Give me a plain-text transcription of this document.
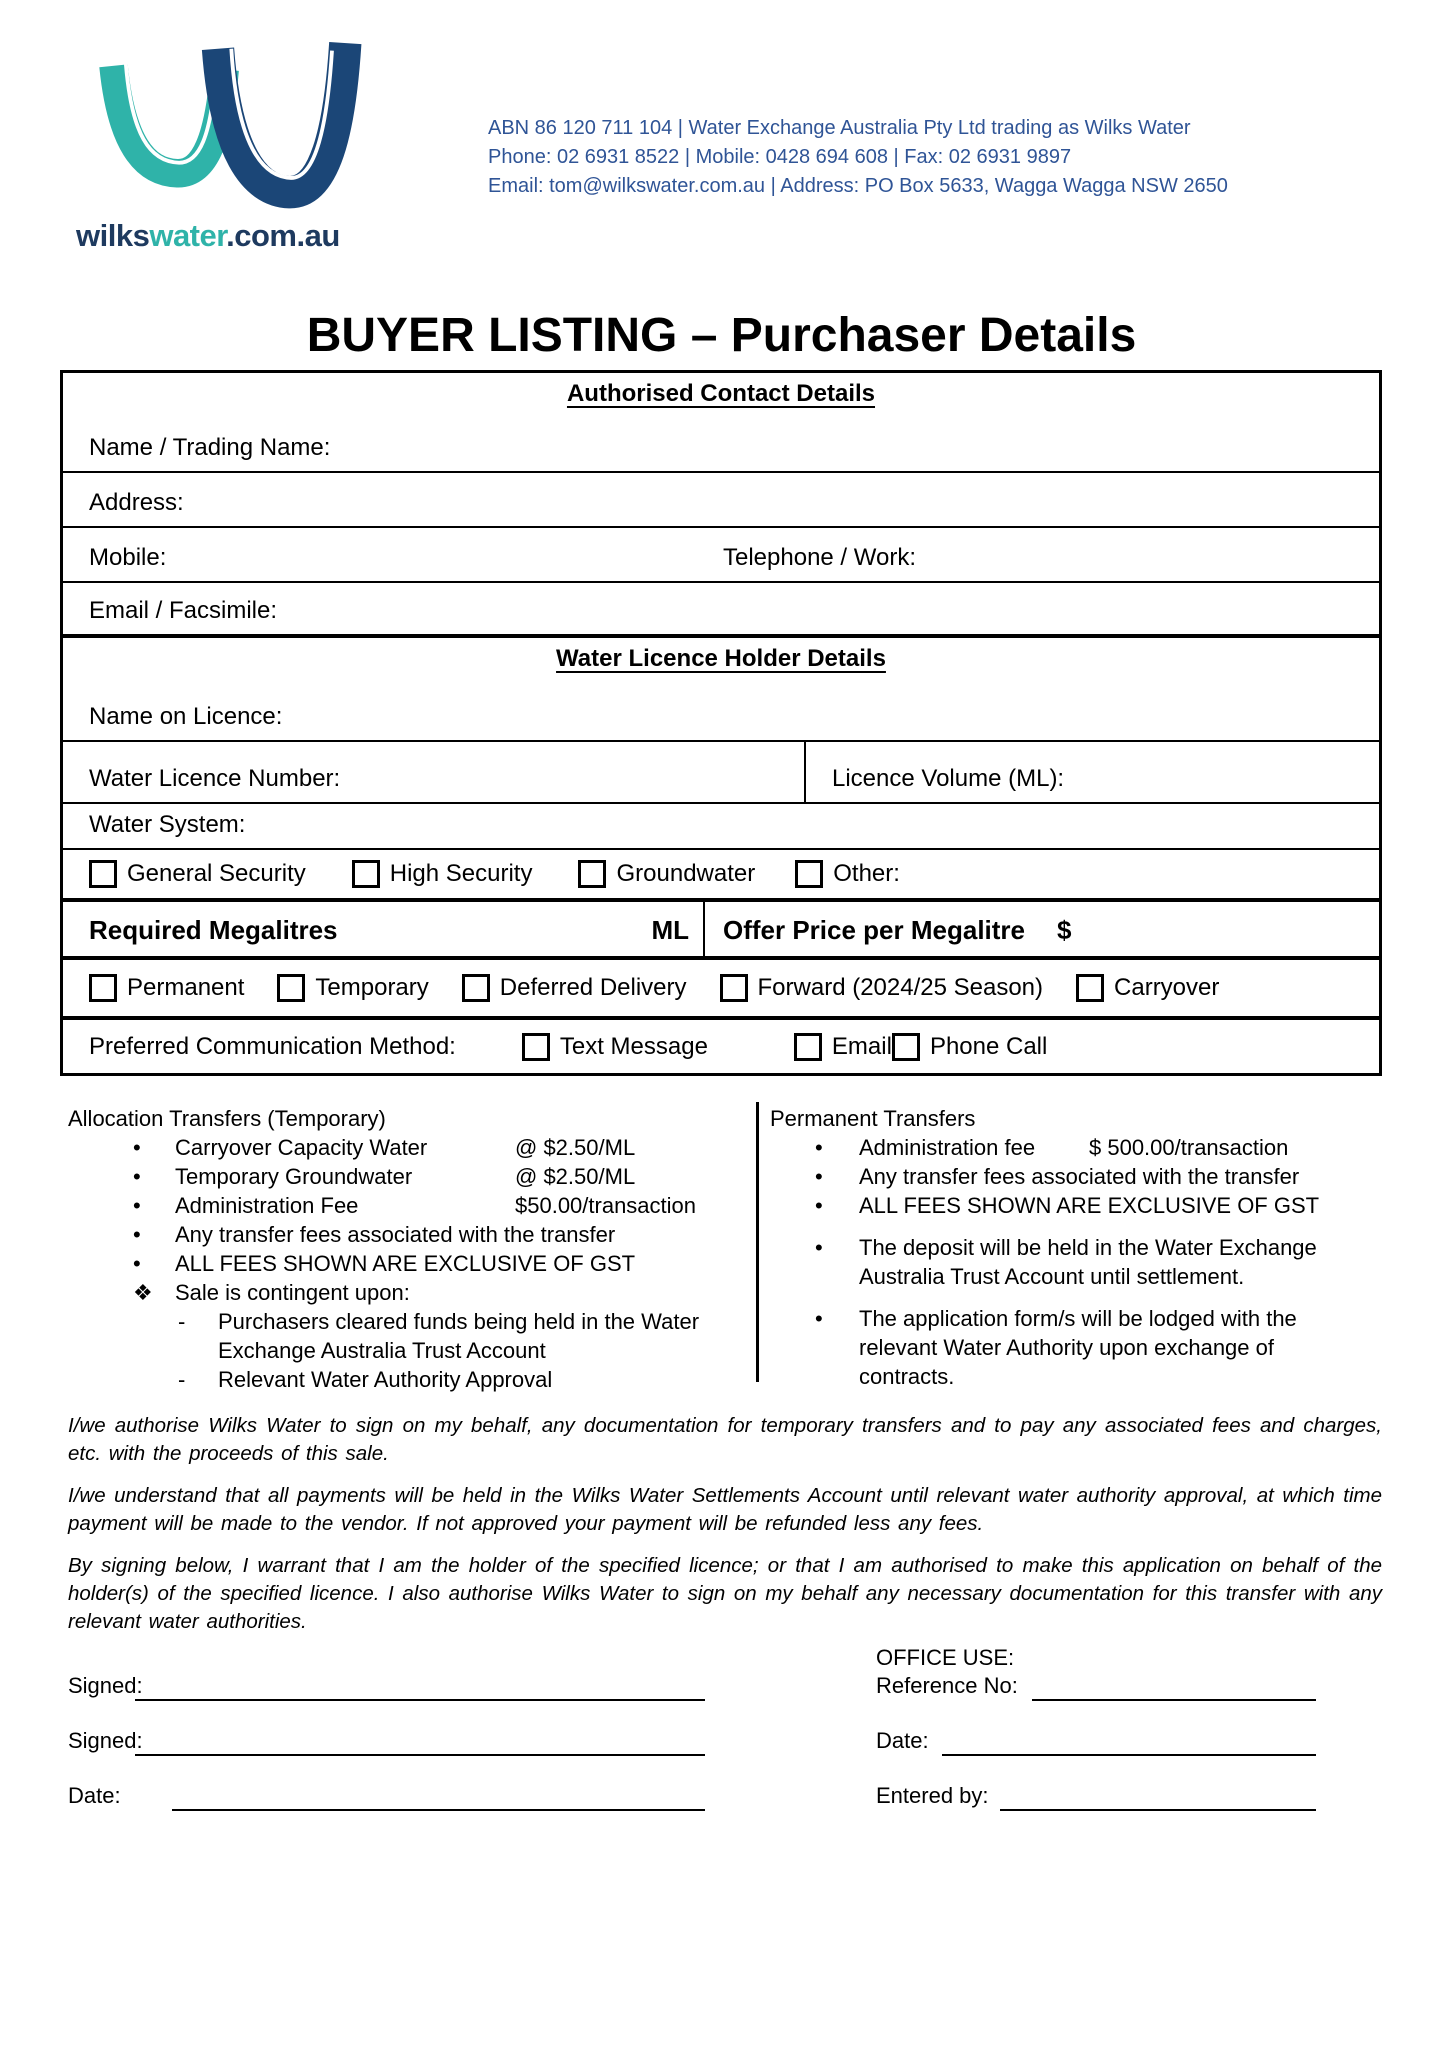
wilkswater.com.au
ABN 86 120 711 104 | Water Exchange Australia Pty Ltd trading as Wilks Water
Phone: 02 6931 8522 | Mobile: 0428 694 608 | Fax: 02 6931 9897
Email: tom@wilkswater.com.au | Address: PO Box 5633, Wagga Wagga NSW 2650
BUYER LISTING – Purchaser Details
Authorised Contact Details
Name / Trading Name:
Address:
Mobile:	Telephone / Work:
Email / Facsimile:
Water Licence Holder Details
Name on Licence:
Water Licence Number:	Licence Volume (ML):
Water System:
General Security	High Security	Groundwater	Other:
Required Megalitres	ML Offer Price per Megalitre $
Permanent	Temporary	Deferred Delivery	Forward (2024/25 Season)	Carryover
Preferred Communication Method:	Text Message	Email Phone Call
Allocation Transfers (Temporary)
•	Carryover Capacity Water	@ $2.50/ML
•	Temporary Groundwater	@ $2.50/ML
•	Administration Fee	$50.00/transaction
•	Any transfer fees associated with the transfer
•	ALL FEES SHOWN ARE EXCLUSIVE OF GST
❖	Sale is contingent upon:
-	Purchasers cleared funds being held in the Water Exchange Australia Trust Account
-	Relevant Water Authority Approval
Permanent Transfers
•	Administration fee	$ 500.00/transaction
•	Any transfer fees associated with the transfer
•	ALL FEES SHOWN ARE EXCLUSIVE OF GST
•	The deposit will be held in the Water Exchange Australia Trust Account until settlement.
•	The application form/s will be lodged with the relevant Water Authority upon exchange of contracts.

I/we authorise Wilks Water to sign on my behalf, any documentation for temporary transfers and to pay any associated fees and charges, etc. with the proceeds of this sale.

I/we understand that all payments will be held in the Wilks Water Settlements Account until relevant water authority approval, at which time payment will be made to the vendor. If not approved your payment will be refunded less any fees.

By signing below, I warrant that I am the holder of the specified licence; or that I am authorised to make this application on behalf of the holder(s) of the specified licence. I also authorise Wilks Water to sign on my behalf any necessary documentation for this transfer with any relevant water authorities.

Signed:
Signed:
Date:
OFFICE USE:
Reference No:
Date:
Entered by:
